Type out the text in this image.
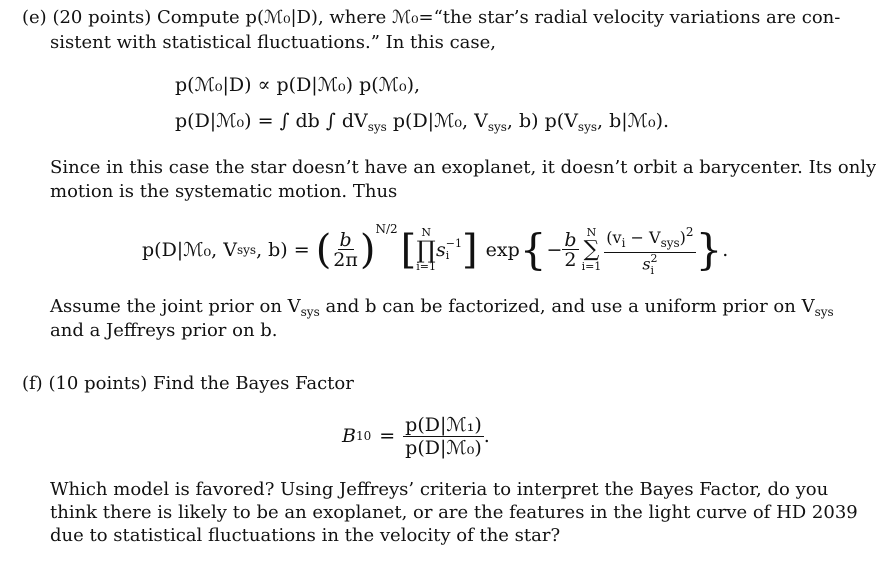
(e) (20 points) Compute p(ℳ₀|D), where ℳ₀=“the star’s radial velocity variations are con-
sistent with statistical fluctuations.” In this case,
p(ℳ₀|D) ∝ p(D|ℳ₀) p(ℳ₀),
p(D|ℳ₀) = ∫ db ∫ $dV_{sys}$ p(D|ℳ₀, $V_{sys}$, b) $p(V_{sys}$, b|ℳ₀).
Since in this case the star doesn’t have an exoplanet, it doesn’t orbit a barycenter. Its only
motion is the systematic motion. Thus
p(D|ℳ₀, V sys , b) = ( $\frac{b}{2\pi}$ ) N/2 [ N
∏
i=1
s −1
i ] exp { − $\frac{b}{2}$ N
∑
i=1 $(v_i - V_{sys})^2$
s 2
i } .
Assume the joint prior on $V_{sys}$ and b can be factorized, and use a uniform prior on $V_{sys}$
and a Jeffreys prior on b.
(f) (10 points) Find the Bayes Factor
B $10 = \frac{\text{p(D|ℳ₁)}}{\text{p(D|ℳ₀)}}$ .
Which model is favored? Using Jeffreys’ criteria to interpret the Bayes Factor, do you
think there is likely to be an exoplanet, or are the features in the light curve of HD 2039
due to statistical fluctuations in the velocity of the star?
